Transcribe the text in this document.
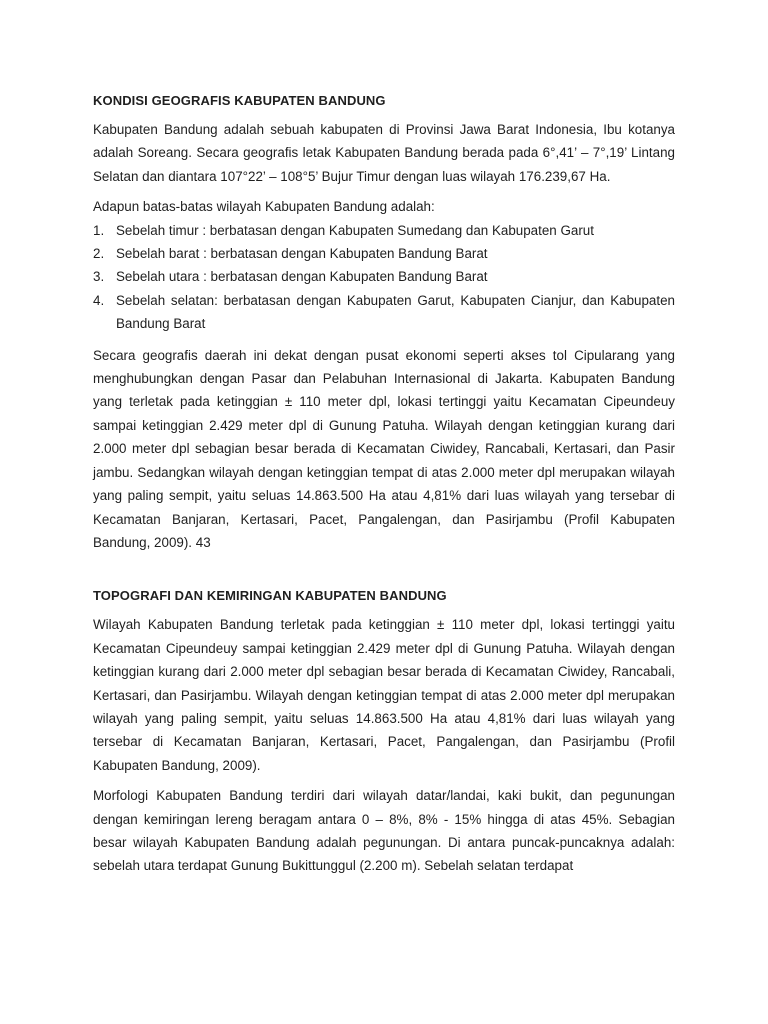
KONDISI GEOGRAFIS KABUPATEN BANDUNG

Kabupaten Bandung adalah sebuah kabupaten di Provinsi Jawa Barat Indonesia, Ibu kotanya adalah Soreang. Secara geografis letak Kabupaten Bandung berada pada 6°,41’ – 7°,19’ Lintang Selatan dan diantara 107°22’ – 108°5’ Bujur Timur dengan luas wilayah 176.239,67 Ha.

Adapun batas-batas wilayah Kabupaten Bandung adalah:

1. Sebelah timur : berbatasan dengan Kabupaten Sumedang dan Kabupaten Garut
2. Sebelah barat : berbatasan dengan Kabupaten Bandung Barat
3. Sebelah utara : berbatasan dengan Kabupaten Bandung Barat
4. Sebelah selatan: berbatasan dengan Kabupaten Garut, Kabupaten Cianjur, dan Kabupaten Bandung Barat

Secara geografis daerah ini dekat dengan pusat ekonomi seperti akses tol Cipularang yang menghubungkan dengan Pasar dan Pelabuhan Internasional di Jakarta. Kabupaten Bandung yang terletak pada ketinggian ± 110 meter dpl, lokasi tertinggi yaitu Kecamatan Cipeundeuy sampai ketinggian 2.429 meter dpl di Gunung Patuha. Wilayah dengan ketinggian kurang dari 2.000 meter dpl sebagian besar berada di Kecamatan Ciwidey, Rancabali, Kertasari, dan Pasir jambu. Sedangkan wilayah dengan ketinggian tempat di atas 2.000 meter dpl merupakan wilayah yang paling sempit, yaitu seluas 14.863.500 Ha atau 4,81% dari luas wilayah yang tersebar di Kecamatan Banjaran, Kertasari, Pacet, Pangalengan, dan Pasirjambu (Profil Kabupaten Bandung, 2009). 43

TOPOGRAFI DAN KEMIRINGAN KABUPATEN BANDUNG

Wilayah Kabupaten Bandung terletak pada ketinggian ± 110 meter dpl, lokasi tertinggi yaitu Kecamatan Cipeundeuy sampai ketinggian 2.429 meter dpl di Gunung Patuha. Wilayah dengan ketinggian kurang dari 2.000 meter dpl sebagian besar berada di Kecamatan Ciwidey, Rancabali, Kertasari, dan Pasirjambu. Wilayah dengan ketinggian tempat di atas 2.000 meter dpl merupakan wilayah yang paling sempit, yaitu seluas 14.863.500 Ha atau 4,81% dari luas wilayah yang tersebar di Kecamatan Banjaran, Kertasari, Pacet, Pangalengan, dan Pasirjambu (Profil Kabupaten Bandung, 2009).

Morfologi Kabupaten Bandung terdiri dari wilayah datar/landai, kaki bukit, dan pegunungan dengan kemiringan lereng beragam antara 0 – 8%, 8% - 15% hingga di atas 45%. Sebagian besar wilayah Kabupaten Bandung adalah pegunungan. Di antara puncak-puncaknya adalah: sebelah utara terdapat Gunung Bukittunggul (2.200 m). Sebelah selatan terdapat
